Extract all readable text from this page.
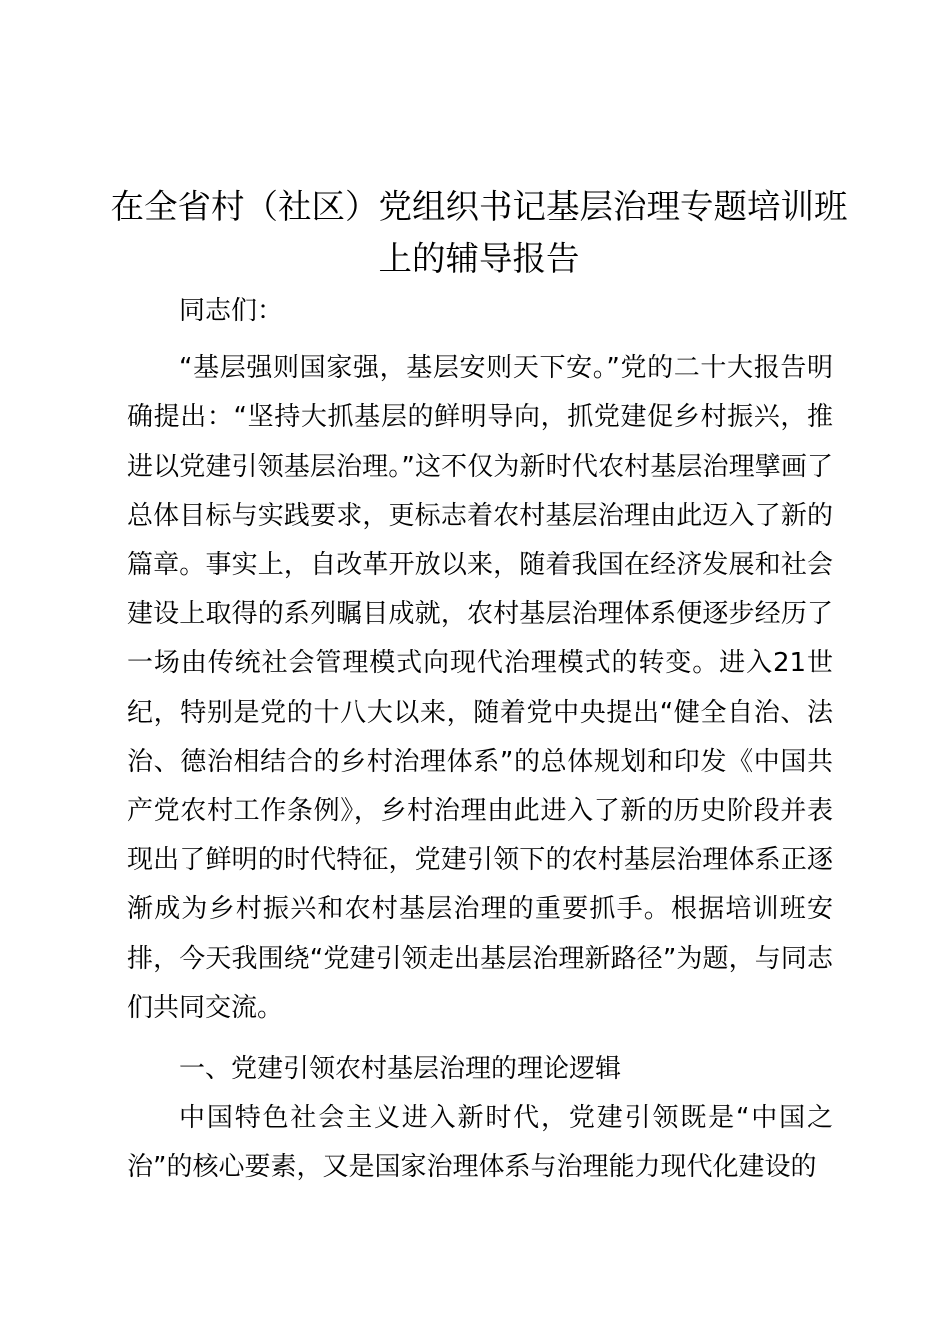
在全省村（社区）党组织书记基层治理专题培训班上的辅导报告

同志们：

“基层强则国家强，基层安则天下安。”党的二十大报告明确提出：“坚持大抓基层的鲜明导向，抓党建促乡村振兴，推进以党建引领基层治理。”这不仅为新时代农村基层治理擘画了总体目标与实践要求，更标志着农村基层治理由此迈入了新的篇章。事实上，自改革开放以来，随着我国在经济发展和社会建设上取得的系列瞩目成就，农村基层治理体系便逐步经历了一场由传统社会管理模式向现代治理模式的转变。进入21世纪，特别是党的十八大以来，随着党中央提出“健全自治、法治、德治相结合的乡村治理体系”的总体规划和印发《中国共产党农村工作条例》，乡村治理由此进入了新的历史阶段并表现出了鲜明的时代特征，党建引领下的农村基层治理体系正逐渐成为乡村振兴和农村基层治理的重要抓手。根据培训班安排，今天我围绕“党建引领走出基层治理新路径”为题，与同志们共同交流。

一、党建引领农村基层治理的理论逻辑

中国特色社会主义进入新时代，党建引领既是“中国之治”的核心要素，又是国家治理体系与治理能力现代化建设的
